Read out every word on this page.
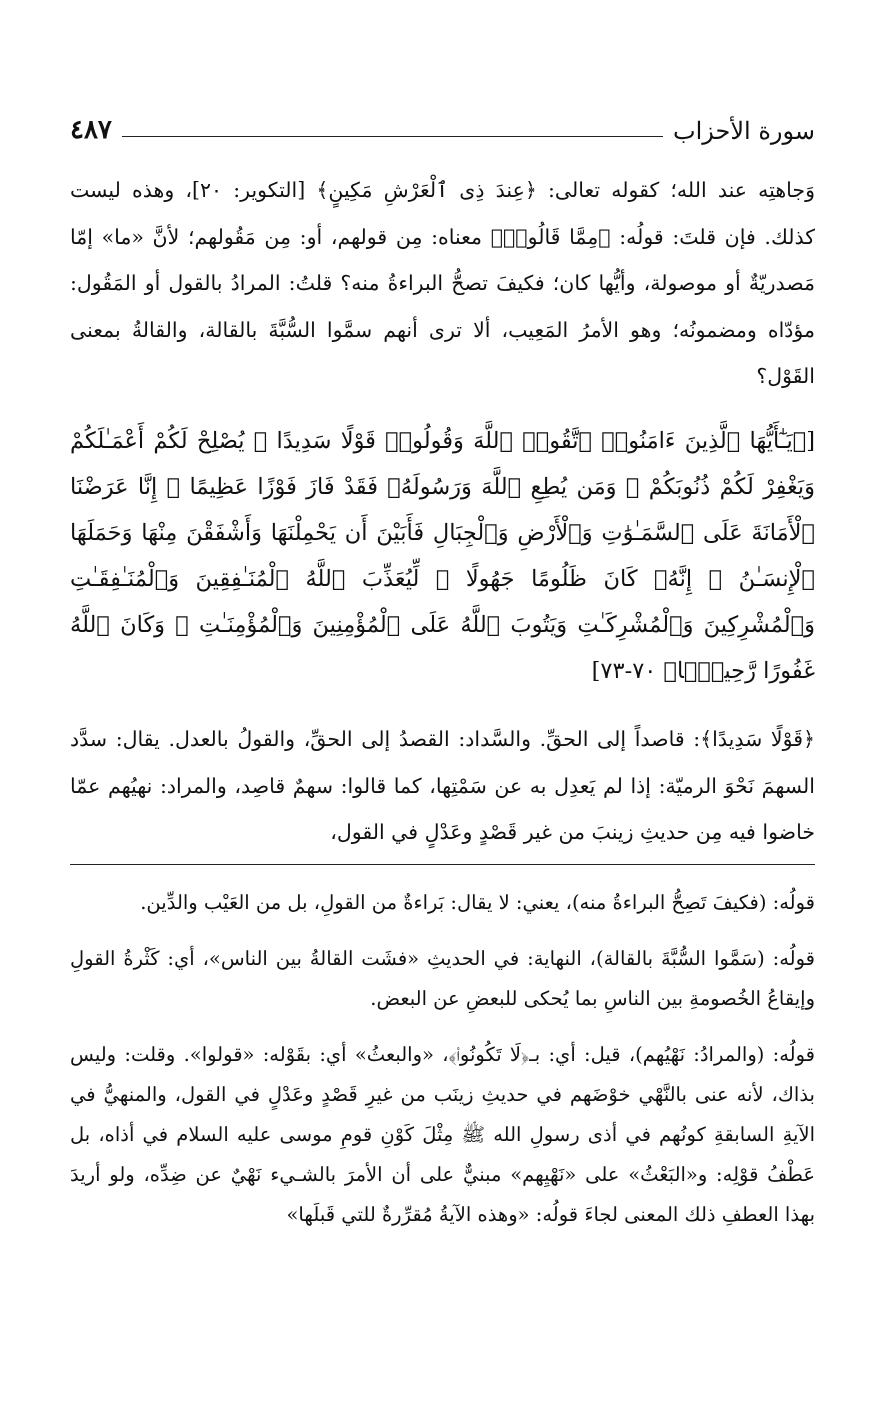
سورة الأحزاب
٤٨٧

وَجاهتِه عند الله؛ كقوله تعالى: ﴿عِندَ ذِى ٱلْعَرْشِ مَكِينٍ﴾ [التكوير: ٢٠]، وهذه ليست كذلك. فإن قلتَ: قولُه: ﴿مِمَّا قَالُوا۟﴾ معناه: مِن قولهم، أو: مِن مَقُولهم؛ لأنَّ «ما» إمّا مَصدريّةٌ أو موصولة، وأيُّها كان؛ فكيفَ تصحُّ البراءةُ منه؟ قلتُ: المرادُ بالقول أو المَقُول: مؤدّاه ومضمونُه؛ وهو الأمرُ المَعِيب، ألا ترى أنهم سمَّوا السُّبَّةَ بالقالة، والقالةُ بمعنى القَوْل؟

[﴿يَـٰٓأَيُّهَا ٱلَّذِينَ ءَامَنُوا۟ ٱتَّقُوا۟ ٱللَّهَ وَقُولُوا۟ قَوْلًا سَدِيدًا ۞ يُصْلِحْ لَكُمْ أَعْمَـٰلَكُمْ وَيَغْفِرْ لَكُمْ ذُنُوبَكُمْ ۗ وَمَن يُطِعِ ٱللَّهَ وَرَسُولَهُۥ فَقَدْ فَازَ فَوْزًا عَظِيمًا ۞ إِنَّا عَرَضْنَا ٱلْأَمَانَةَ عَلَى ٱلسَّمَـٰوَٰتِ وَٱلْأَرْضِ وَٱلْجِبَالِ فَأَبَيْنَ أَن يَحْمِلْنَهَا وَأَشْفَقْنَ مِنْهَا وَحَمَلَهَا ٱلْإِنسَـٰنُ ۖ إِنَّهُۥ كَانَ ظَلُومًا جَهُولًا ۞ لِّيُعَذِّبَ ٱللَّهُ ٱلْمُنَـٰفِقِينَ وَٱلْمُنَـٰفِقَـٰتِ وَٱلْمُشْرِكِينَ وَٱلْمُشْرِكَـٰتِ وَيَتُوبَ ٱللَّهُ عَلَى ٱلْمُؤْمِنِينَ وَٱلْمُؤْمِنَـٰتِ ۗ وَكَانَ ٱللَّهُ غَفُورًا رَّحِيمًۢا﴾ ٧٠-٧٣]

﴿قَوْلًا سَدِيدًا﴾: قاصداً إلى الحقِّ. والسَّداد: القصدُ إلى الحقِّ، والقولُ بالعدل. يقال: سدَّد السهمَ نَحْوَ الرميّة: إذا لم يَعدِل به عن سَمْتِها، كما قالوا: سهمٌ قاصِد، والمراد: نهيُهم عمّا خاضوا فيه مِن حديثِ زينبَ من غير قَصْدٍ وعَدْلٍ في القول،

قولُه: (فكيفَ تَصِحُّ البراءةُ منه)، يعني: لا يقال: بَراءةٌ من القولِ، بل من العَيْب والدِّين.

قولُه: (سَمَّوا السُّبَّةَ بالقالة)، النهاية: في الحديثِ «فشَت القالةُ بين الناس»، أي: كَثْرةُ القولِ وإيقاعُ الخُصومةِ بين الناسِ بما يُحكى للبعضِ عن البعض.

قولُه: (والمرادُ: نَهْيُهم)، قيل: أي: بـ﴿لَا تَكُونُوا۟﴾، «والبعثُ» أي: بقَوْله: «قولوا». وقلت: وليس بذاك، لأنه عنى بالنَّهْي خوْضَهم في حديثِ زينَب من غيرِ قَصْدٍ وعَدْلٍ في القول، والمنهيُّ في الآيةِ السابقةِ كونُهم في أذى رسولِ الله ﷺ مِثْلَ كَوْنِ قومِ موسى عليه السلام في أذاه، بل عَطْفُ قوْلِه: و«البَعْثُ» على «نَهْيِهم» مبنيٌّ على أن الأمرَ بالشـيء نَهْيٌ عن ضِدِّه، ولو أريدَ بهذا العطفِ ذلك المعنى لجاءَ قولُه: «وهذه الآيةُ مُقرِّرةٌ للتي قَبلَها»
